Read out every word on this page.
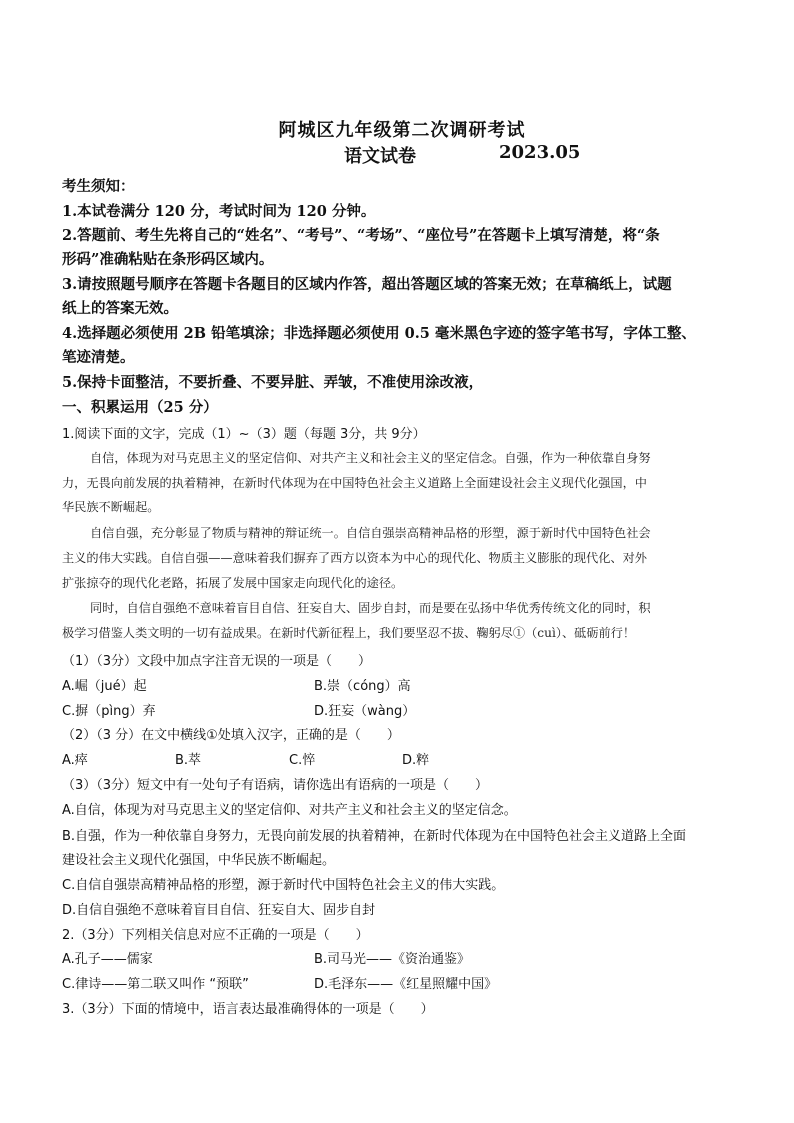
阿城区九年级第二次调研考试
语文试卷	2023.05
考生须知：
1.本试卷满分 120 分，考试时间为 120 分钟。
2.答题前、考生先将自己的“姓名”、“考号”、“考场”、“座位号”在答题卡上填写清楚，将“条
形码”准确粘贴在条形码区域内。
3.请按照题号顺序在答题卡各题目的区域内作答，超出答题区域的答案无效；在草稿纸上，试题
纸上的答案无效。
4.选择题必须使用 2B 铅笔填涂；非选择题必须使用 0.5 毫米黑色字迹的签字笔书写，字体工整、
笔迹清楚。
5.保持卡面整洁，不要折叠、不要异脏、弄皱，不准使用涂改液，
一、积累运用（25 分）
1.阅读下面的文字，完成（1）~（3）题（每题 3分，共 9分）
自信，体现为对马克思主义的坚定信仰、对共产主义和社会主义的坚定信念。自强，作为一种依靠自身努
力，无畏向前发展的执着精神，在新时代体现为在中国特色社会主义道路上全面建设社会主义现代化强国，中
华民族不断崛起。
自信自强，充分彰显了物质与精神的辩证统一。自信自强崇高精神品格的形塑，源于新时代中国特色社会
主义的伟大实践。自信自强——意味着我们摒弃了西方以资本为中心的现代化、物质主义膨胀的现代化、对外
扩张掠夺的现代化老路，拓展了发展中国家走向现代化的途径。
同时，自信自强绝不意味着盲目自信、狂妄自大、固步自封，而是要在弘扬中华优秀传统文化的同时，积
极学习借鉴人类文明的一切有益成果。在新时代新征程上，我们要坚忍不拔、鞠躬尽①（cuì）、砥砺前行！
（1）（3分）文段中加点字注音无误的一项是（　　）
A.崛（jué）起	B.崇（cóng）高
C.摒（pìng）弃	D.狂妄（wàng）
（2）（3 分）在文中横线①处填入汉字，正确的是（　　）
A.瘁	B.萃	C.悴	D.粹
（3）（3分）短文中有一处句子有语病，请你选出有语病的一项是（　　）
A.自信，体现为对马克思主义的坚定信仰、对共产主义和社会主义的坚定信念。
B.自强，作为一种依靠自身努力，无畏向前发展的执着精神，在新时代体现为在中国特色社会主义道路上全面
建设社会主义现代化强国，中华民族不断崛起。
C.自信自强崇高精神品格的形塑，源于新时代中国特色社会主义的伟大实践。
D.自信自强绝不意味着盲目自信、狂妄自大、固步自封
2.（3分）下列相关信息对应不正确的一项是（　　）
A.孔子——儒家	B.司马光——《资治通鉴》
C.律诗——第二联又叫作 “预联”	D.毛泽东——《红星照耀中国》
3.（3分）下面的情境中，语言表达最准确得体的一项是（　　）
